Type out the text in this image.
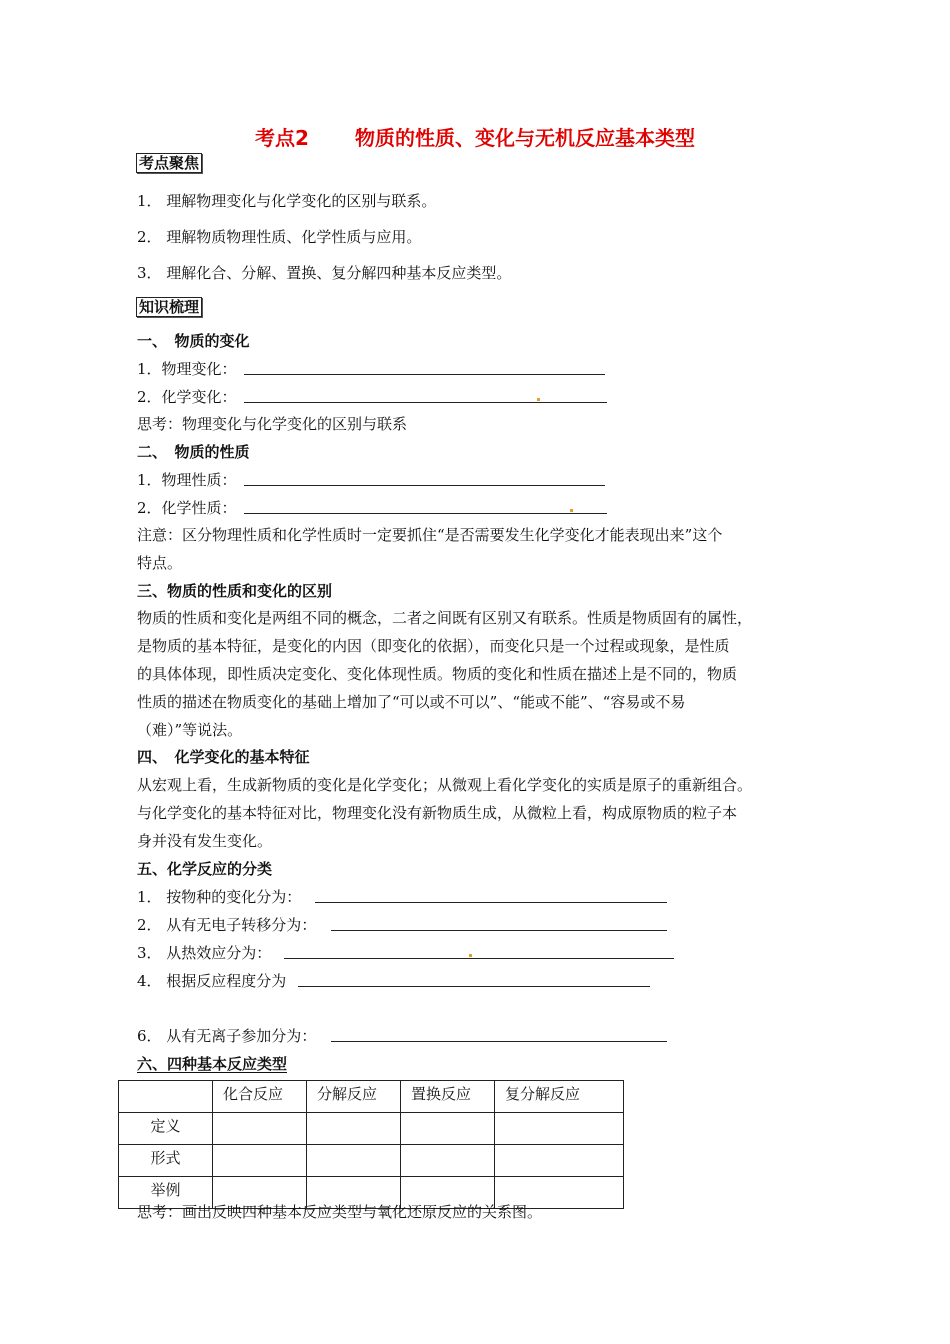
考点2 物质的性质、变化与无机反应基本类型
考点聚焦
1． 理解物理变化与化学变化的区别与联系。
2． 理解物质物理性质、化学性质与应用。
3． 理解化合、分解、置换、复分解四种基本反应类型。
知识梳理
一、　物质的变化
1．物理变化：
2．化学变化：
思考：物理变化与化学变化的区别与联系
二、　物质的性质
1．物理性质：
2．化学性质：
注意：区分物理性质和化学性质时一定要抓住“是否需要发生化学变化才能表现出来”这个
特点。
三、物质的性质和变化的区别
物质的性质和变化是两组不同的概念，二者之间既有区别又有联系。性质是物质固有的属性，
是物质的基本特征，是变化的内因（即变化的依据），而变化只是一个过程或现象，是性质
的具体体现，即性质决定变化、变化体现性质。物质的变化和性质在描述上是不同的，物质
性质的描述在物质变化的基础上增加了“可以或不可以”、“能或不能”、“容易或不易
（难）”等说法。
四、　化学变化的基本特征
从宏观上看，生成新物质的变化是化学变化；从微观上看化学变化的实质是原子的重新组合。
与化学变化的基本特征对比，物理变化没有新物质生成，从微粒上看，构成原物质的粒子本
身并没有发生变化。
五、化学反应的分类
1． 按物种的变化分为：
2． 从有无电子转移分为：
3． 从热效应分为：
4． 根据反应程度分为
6． 从有无离子参加分为：
六、四种基本反应类型
	化合反应	分解反应	置换反应	复分解反应
定义				
形式				
举例				
思考：画出反映四种基本反应类型与氧化还原反应的关系图。
